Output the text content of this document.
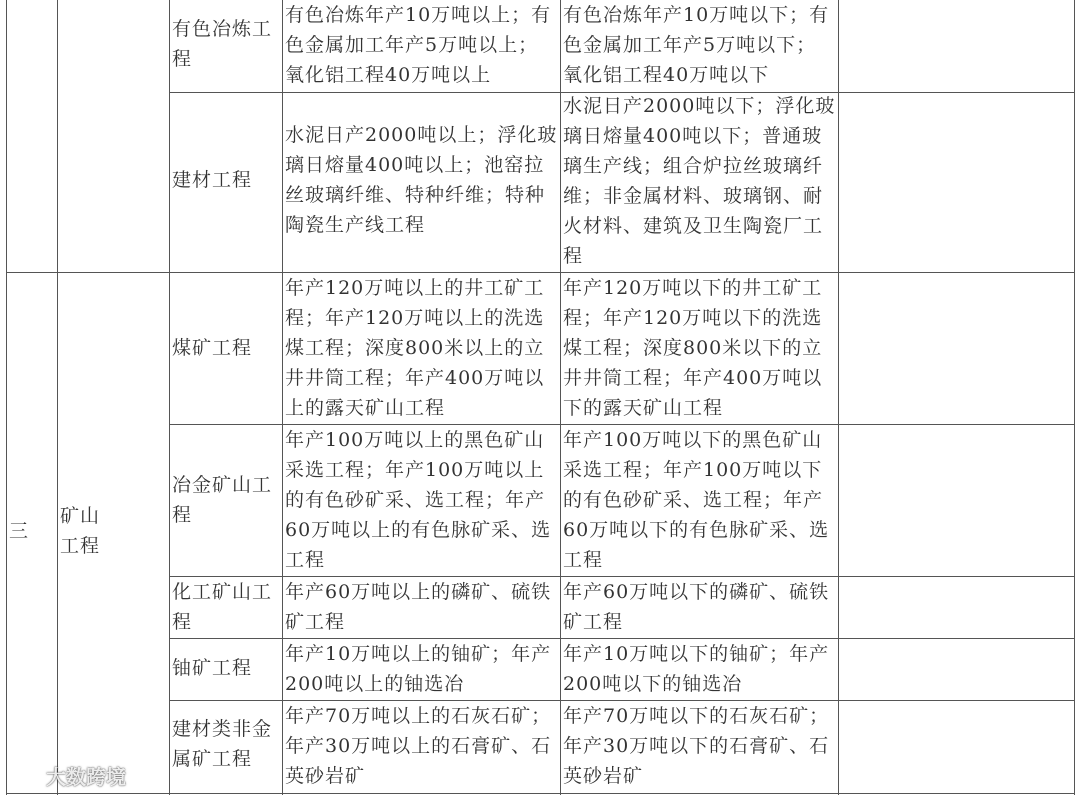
三
矿山
工程
有色冶炼工
程
有色冶炼年产10万吨以上；有
色金属加工年产5万吨以上；
氧化铝工程40万吨以上
有色冶炼年产10万吨以下；有
色金属加工年产5万吨以下；
氧化铝工程40万吨以下
建材工程
水泥日产2000吨以上；浮化玻
璃日熔量400吨以上；池窑拉
丝玻璃纤维、特种纤维；特种
陶瓷生产线工程
水泥日产2000吨以下；浮化玻
璃日熔量400吨以下；普通玻
璃生产线；组合炉拉丝玻璃纤
维；非金属材料、玻璃钢、耐
火材料、建筑及卫生陶瓷厂工
程
煤矿工程
年产120万吨以上的井工矿工
程；年产120万吨以上的洗选
煤工程；深度800米以上的立
井井筒工程；年产400万吨以
上的露天矿山工程
年产120万吨以下的井工矿工
程；年产120万吨以下的洗选
煤工程；深度800米以下的立
井井筒工程；年产400万吨以
下的露天矿山工程
冶金矿山工
程
年产100万吨以上的黑色矿山
采选工程；年产100万吨以上
的有色砂矿采、选工程；年产
60万吨以上的有色脉矿采、选
工程
年产100万吨以下的黑色矿山
采选工程；年产100万吨以下
的有色砂矿采、选工程；年产
60万吨以下的有色脉矿采、选
工程
化工矿山工
程
年产60万吨以上的磷矿、硫铁
矿工程
年产60万吨以下的磷矿、硫铁
矿工程
铀矿工程
年产10万吨以上的铀矿；年产
200吨以上的铀选冶
年产10万吨以下的铀矿；年产
200吨以下的铀选冶
建材类非金
属矿工程
年产70万吨以上的石灰石矿；
年产30万吨以上的石膏矿、石
英砂岩矿
年产70万吨以下的石灰石矿；
年产30万吨以下的石膏矿、石
英砂岩矿
大数跨境
